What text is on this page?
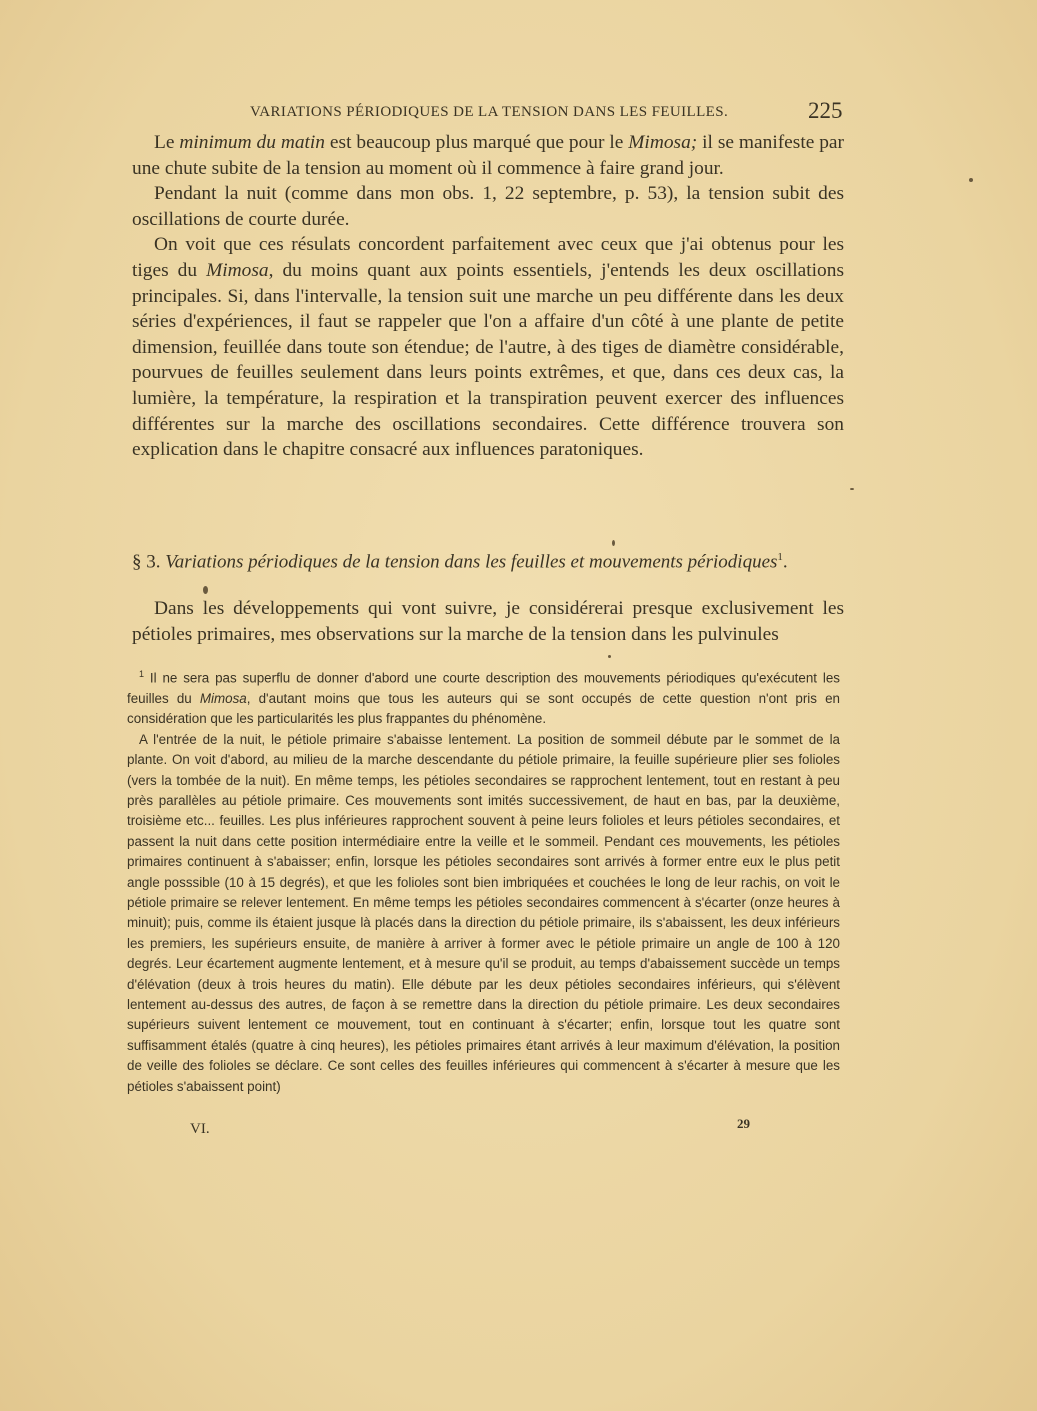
VARIATIONS PÉRIODIQUES DE LA TENSION DANS LES FEUILLES.	225

Le minimum du matin est beaucoup plus marqué que pour le Mimosa; il se manifeste par une chute subite de la tension au moment où il commence à faire grand jour.

Pendant la nuit (comme dans mon obs. 1, 22 septembre, p. 53), la tension subit des oscillations de courte durée.

On voit que ces résulats concordent parfaitement avec ceux que j'ai obtenus pour les tiges du Mimosa, du moins quant aux points essentiels, j'entends les deux oscillations principales. Si, dans l'intervalle, la tension suit une marche un peu différente dans les deux séries d'expériences, il faut se rappeler que l'on a affaire d'un côté à une plante de petite dimension, feuillée dans toute son étendue; de l'autre, à des tiges de diamètre considérable, pourvues de feuilles seulement dans leurs points extrêmes, et que, dans ces deux cas, la lumière, la température, la respiration et la transpiration peuvent exercer des influences différentes sur la marche des oscillations secondaires. Cette différence trouvera son explication dans le chapitre consacré aux influences paratoniques.

§ 3. Variations périodiques de la tension dans les feuilles et mouvements périodiques$^1$.

Dans les développements qui vont suivre, je considérerai presque exclusivement les pétioles primaires, mes observations sur la marche de la tension dans les pulvinules

$^1$ Il ne sera pas superflu de donner d'abord une courte description des mouvements périodiques qu'exécutent les feuilles du Mimosa, d'autant moins que tous les auteurs qui se sont occupés de cette question n'ont pris en considération que les particularités les plus frappantes du phénomène.

A l'entrée de la nuit, le pétiole primaire s'abaisse lentement. La position de sommeil débute par le sommet de la plante. On voit d'abord, au milieu de la marche descendante du pétiole primaire, la feuille supérieure plier ses folioles (vers la tombée de la nuit). En même temps, les pétioles secondaires se rapprochent lentement, tout en restant à peu près parallèles au pétiole primaire. Ces mouvements sont imités successivement, de haut en bas, par la deuxième, troisième etc... feuilles. Les plus inférieures rapprochent souvent à peine leurs folioles et leurs pétioles secondaires, et passent la nuit dans cette position intermédiaire entre la veille et le sommeil. Pendant ces mouvements, les pétioles primaires continuent à s'abaisser; enfin, lorsque les pétioles secondaires sont arrivés à former entre eux le plus petit angle posssible (10 à 15 degrés), et que les folioles sont bien imbriquées et couchées le long de leur rachis, on voit le pétiole primaire se relever lentement. En même temps les pétioles secondaires commencent à s'écarter (onze heures à minuit); puis, comme ils étaient jusque là placés dans la direction du pétiole primaire, ils s'abaissent, les deux inférieurs les premiers, les supérieurs ensuite, de manière à arriver à former avec le pétiole primaire un angle de 100 à 120 degrés. Leur écartement augmente lentement, et à mesure qu'il se produit, au temps d'abaissement succède un temps d'élévation (deux à trois heures du matin). Elle débute par les deux pétioles secondaires inférieurs, qui s'élèvent lentement au-dessus des autres, de façon à se remettre dans la direction du pétiole primaire. Les deux secondaires supérieurs suivent lentement ce mouvement, tout en continuant à s'écarter; enfin, lorsque tout les quatre sont suffisamment étalés (quatre à cinq heures), les pétioles primaires étant arrivés à leur maximum d'élévation, la position de veille des folioles se déclare. Ce sont celles des feuilles inférieures qui commencent à s'écarter à mesure que les pétioles s'abaissent point)

VI.	29
